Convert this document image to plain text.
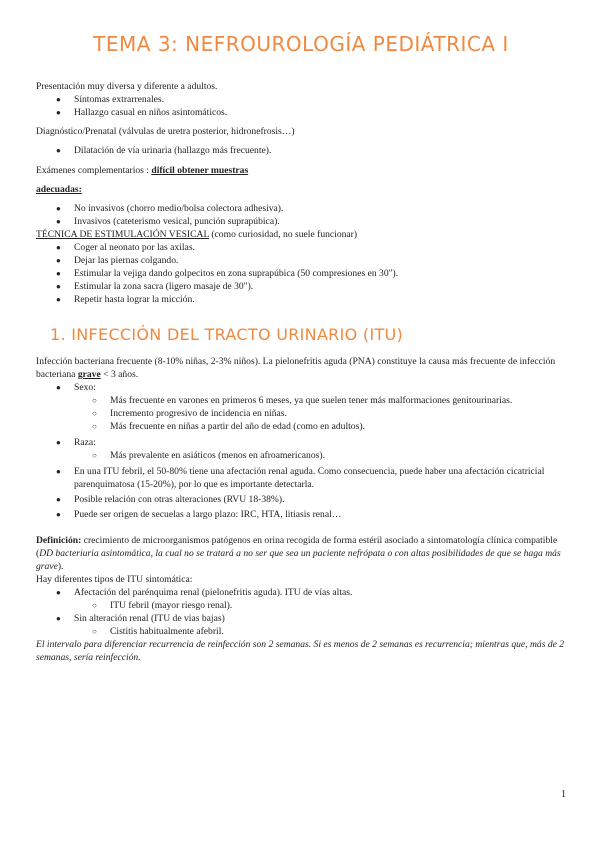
TEMA 3: NEFROUROLOGÍA PEDIÁTRICA I

Presentación muy diversa y diferente a adultos.

● Síntomas extrarrenales.
● Hallazgo casual en niños asintomáticos.

Diagnóstico/Prenatal (válvulas de uretra posterior, hidronefrosis…)

● Dilatación de vía urinaria (hallazgo más frecuente).

Exámenes complementarios : difícil obtener muestras

adecuadas:

● No invasivos (chorro medio/bolsa colectora adhesiva).
● Invasivos (cateterismo vesical, punción suprapúbica).

TÉCNICA DE ESTIMULACIÓN VESICAL (como curiosidad, no suele funcionar)

● Coger al neonato por las axilas.
● Dejar las piernas colgando.
● Estimular la vejiga dando golpecitos en zona suprapúbica (50 compresiones en 30").
● Estimular la zona sacra (ligero masaje de 30").
● Repetir hasta lograr la micción.
1. INFECCIÓN DEL TRACTO URINARIO (ITU)

Infección bacteriana frecuente (8-10% niñas, 2-3% niños). La pielonefritis aguda (PNA) constituye la causa más frecuente de infección bacteriana grave < 3 años.

● Sexo:
○ Más frecuente en varones en primeros 6 meses, ya que suelen tener más malformaciones genitourinarias.
○ Incremento progresivo de incidencia en niñas.
○ Más frecuente en niñas a partir del año de edad (como en adultos).
● Raza:
○ Más prevalente en asiáticos (menos en afroamericanos).
● En una ITU febril, el 50-80% tiene una afectación renal aguda. Como consecuencia, puede haber una afectación cicatricial parenquimatosa (15-20%), por lo que es importante detectarla.
● Posible relación con otras alteraciones (RVU 18-38%).
● Puede ser origen de secuelas a largo plazo: IRC, HTA, litiasis renal…

Definición: crecimiento de microorganismos patógenos en orina recogida de forma estéril asociado a sintomatología clínica compatible (DD bacteriuria asintomática, la cual no se tratará a no ser que sea un paciente nefrópata o con altas posibilidades de que se haga más grave).

Hay diferentes tipos de ITU sintomática:

● Afectación del parénquima renal (pielonefritis aguda). ITU de vías altas.
○ ITU febril (mayor riesgo renal).
● Sin alteración renal (ITU de vías bajas)
○ Cistitis habitualmente afebril.

El intervalo para diferenciar recurrencia de reinfección son 2 semanas. Si es menos de 2 semanas es recurrencia; mientras que, más de 2 semanas, sería reinfección.

1
